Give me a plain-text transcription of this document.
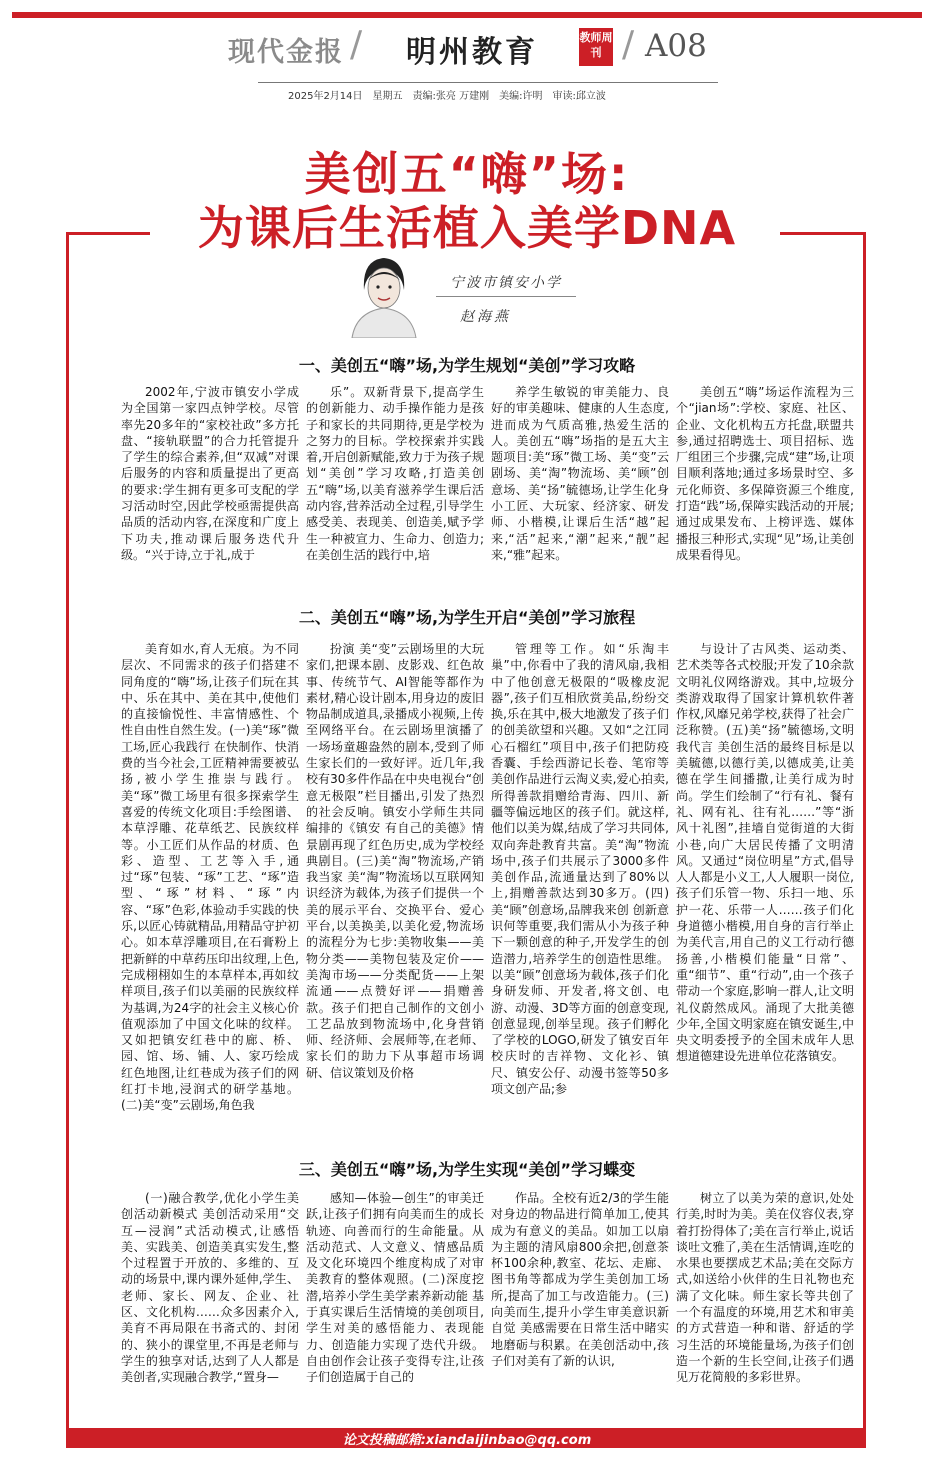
现代金报 / 明州教育	教师周刊 / A08
2025年2月14日　星期五　责编:张亮 万建刚　美编:许明　审读:邱立波
美创五“嗨”场:
为课后生活植入美学DNA
宁波市镇安小学
赵海燕
一、美创五“嗨”场,为学生规划“美创”学习攻略
2002年,宁波市镇安小学成为全国第一家四点钟学校。尽管率先20多年的“家校社政”多方托盘、“接轨联盟”的合力托管提升了学生的综合素养,但“双减”对课后服务的内容和质量提出了更高的要求:学生拥有更多可支配的学习活动时空,因此学校亟需提供高品质的活动内容,在深度和广度上下功夫,推动课后服务迭代升级。“兴于诗,立于礼,成于
乐”。双新背景下,提高学生的创新能力、动手操作能力是孩子和家长的共同期待,更是学校为之努力的目标。学校探索并实践着,开启创新赋能,致力于为孩子规划“美创”学习攻略,打造美创五“嗨”场,以美育滋养学生课后活动内容,营养活动全过程,引导学生感受美、表现美、创造美,赋予学生一种被宣力、生命力、创造力;在美创生活的践行中,培
养学生敏锐的审美能力、良好的审美趣味、健康的人生态度,进而成为气质高雅,热爱生活的人。美创五“嗨”场指的是五大主题项目:美“琢”微工场、美“变”云剧场、美“淘”物流场、美“顾”创意场、美“扬”毓德场,让学生化身小工匠、大玩家、经济家、研发师、小楷模,让课后生活“越”起来,“活”起来,“潮”起来,“靓”起来,“雅”起来。
美创五“嗨”场运作流程为三个“jian场”:学校、家庭、社区、企业、文化机构五方托盘,联盟共参,通过招聘选士、项目招标、选厂组团三个步骤,完成“建”场,让项目顺利落地;通过多场景时空、多元化师资、多保障资源三个维度,打造“践”场,保障实践活动的开展;通过成果发布、上榜评选、媒体播报三种形式,实现“见”场,让美创成果看得见。
二、美创五“嗨”场,为学生开启“美创”学习旅程
美育如水,育人无痕。为不同层次、不同需求的孩子们搭建不同角度的“嗨”场,让孩子们玩在其中、乐在其中、美在其中,使他们的直接愉悦性、丰富情感性、个性自由性自然生发。(一)美“琢”微工场,匠心我践行 在快制作、快消费的当今社会,工匠精神需要被弘扬,被小学生推崇与践行。美“琢”微工场里有很多探索学生喜爱的传统文化项目:手绘图谱、本草浮雕、花草纸艺、民族纹样等。小工匠们从作品的材质、色彩、造型、工艺等入手,通过“琢”包装、“琢”工艺、“琢”造型、“琢”材料、“琢”内容、“琢”色彩,体验动手实践的快乐,以匠心铸就精品,用精品守护初心。如本草浮雕项目,在石膏粉上把新鲜的中草药压印出纹理,上色,完成栩栩如生的本草样本,再如纹样项目,孩子们以美丽的民族纹样为基调,为24字的社会主义核心价值观添加了中国文化味的纹样。又如把镇安红巷中的廊、桥、园、馆、场、铺、人、家巧绘成红色地图,让红巷成为孩子们的网红打卡地,浸润式的研学基地。(二)美“变”云剧场,角色我
扮演 美“变”云剧场里的大玩家们,把课本剧、皮影戏、红色故事、传统节气、AI智能等都作为素材,精心设计剧本,用身边的废旧物品制成道具,录播成小视频,上传至网络平台。在云剧场里演播了一场场童趣盎然的剧本,受到了师生家长们的一致好评。近几年,我校有30多件作品在中央电视台“创意无极限”栏目播出,引发了热烈的社会反响。镇安小学师生共同编排的《镇安 有自己的美德》情景剧再现了红色历史,成为学校经典剧目。(三)美“淘”物流场,产销我当家 美“淘”物流场以互联网知识经济为载体,为孩子们提供一个美的展示平台、交换平台、爱心平台,以美换美,以美化爱,物流场的流程分为七步:美物收集——美物分类——美物包装及定价——美淘市场——分类配货——上架流通——点赞好评——捐赠善款。孩子们把自己制作的文创小工艺品放到物流场中,化身营销师、经济师、会展师等,在老师、家长们的助力下从事超市场调研、信议策划及价格
管理等工作。如“乐淘丰巢”中,你看中了我的清风扇,我相中了他创意无极限的“吸橡皮泥器”,孩子们互相欣赏美品,纷纷交换,乐在其中,极大地激发了孩子们的创美欲望和兴趣。又如“之江同心石榴红”项目中,孩子们把防疫香囊、手绘西游记长卷、笔帘等美创作品进行云淘义卖,爱心拍卖,所得善款捐赠给青海、四川、新疆等偏远地区的孩子们。就这样,他们以美为媒,结成了学习共同体,双向奔赴教育共富。美“淘”物流场中,孩子们共展示了3000多件美创作品,流通量达到了80%以上,捐赠善款达到30多万。(四)美“顾”创意场,品牌我来创 创新意识何等重要,我们需从小为孩子种下一颗创意的种子,开发学生的创造潜力,培养学生的创造性思维。以美“顾”创意场为载体,孩子们化身研发师、开发者,将文创、电游、动漫、3D等方面的创意变现,创意显现,创举呈现。孩子们孵化了学校的LOGO,研发了镇安百年校庆时的吉祥物、文化衫、镇尺、镇安公仔、动漫书签等50多项文创产品;参
与设计了古风类、运动类、艺术类等各式校服;开发了10余款文明礼仪网络游戏。其中,垃圾分类游戏取得了国家计算机软件著作权,风靡兄弟学校,获得了社会广泛称赞。(五)美“扬”毓德场,文明我代言 美创生活的最终目标是以美毓德,以德行美,以德成美,让美德在学生间播撒,让美行成为时尚。学生们绘制了“行有礼、餐有礼、网有礼、往有礼……”等“浙风十礼图”,挂墙自觉街道的大街小巷,向广大居民传播了文明清风。又通过“岗位明星”方式,倡导人人都是小义工,人人履职一岗位,孩子们乐管一物、乐扫一地、乐护一花、乐带一人……孩子们化身道德小楷模,用自身的言行举止为美代言,用自己的义工行动行德扬善,小楷模们能量“日常”、重“细节”、重“行动”,由一个孩子带动一个家庭,影响一群人,让文明礼仪蔚然成风。涌现了大批美德少年,全国文明家庭在镇安诞生,中央文明委授予的全国未成年人思想道德建设先进单位花落镇安。
三、美创五“嗨”场,为学生实现“美创”学习蝶变
(一)融合教学,优化小学生美创活动新模式 美创活动采用“交互—浸润”式活动模式,让感悟美、实践美、创造美真实发生,整个过程置于开放的、多维的、互动的场景中,课内课外延伸,学生、老师、家长、网友、企业、社区、文化机构……众多因素介入,美育不再局限在书斋式的、封闭的、狭小的课堂里,不再是老师与学生的独享对话,达到了人人都是美创者,实现融合教学,“置身—
感知—体验—创生”的审美迁跃,让孩子们拥有向美而生的成长轨迹、向善而行的生命能量。从活动范式、人文意义、情感品质及文化环境四个维度构成了对审美教育的整体观照。(二)深度挖潜,培养小学生美学素养新动能 基于真实课后生活情境的美创项目,学生对美的感悟能力、表现能力、创造能力实现了迭代升级。自由创作会让孩子变得专注,让孩子们创造属于自己的
作品。全校有近2/3的学生能对身边的物品进行简单加工,使其成为有意义的美品。如加工以扇为主题的清风扇800余把,创意茶杯100余种,教室、花坛、走廊、图书角等都成为学生美创加工场所,提高了加工与改造能力。(三)向美而生,提升小学生审美意识新自觉 美感需要在日常生活中睹实地磨砺与积累。在美创活动中,孩子们对美有了新的认识,
树立了以美为荣的意识,处处行美,时时为美。美在仪容仪表,穿着打扮得体了;美在言行举止,说话谈吐文雅了,美在生活情调,连吃的水果也要摆成艺术品;美在交际方式,如送给小伙伴的生日礼物也充满了文化味。师生家长等共创了一个有温度的环境,用艺术和审美的方式营造一种和谐、舒适的学习生活的环境能量场,为孩子们创造一个新的生长空间,让孩子们遇见万花简般的多彩世界。
论文投稿邮箱:xiandaijinbao@qq.com
